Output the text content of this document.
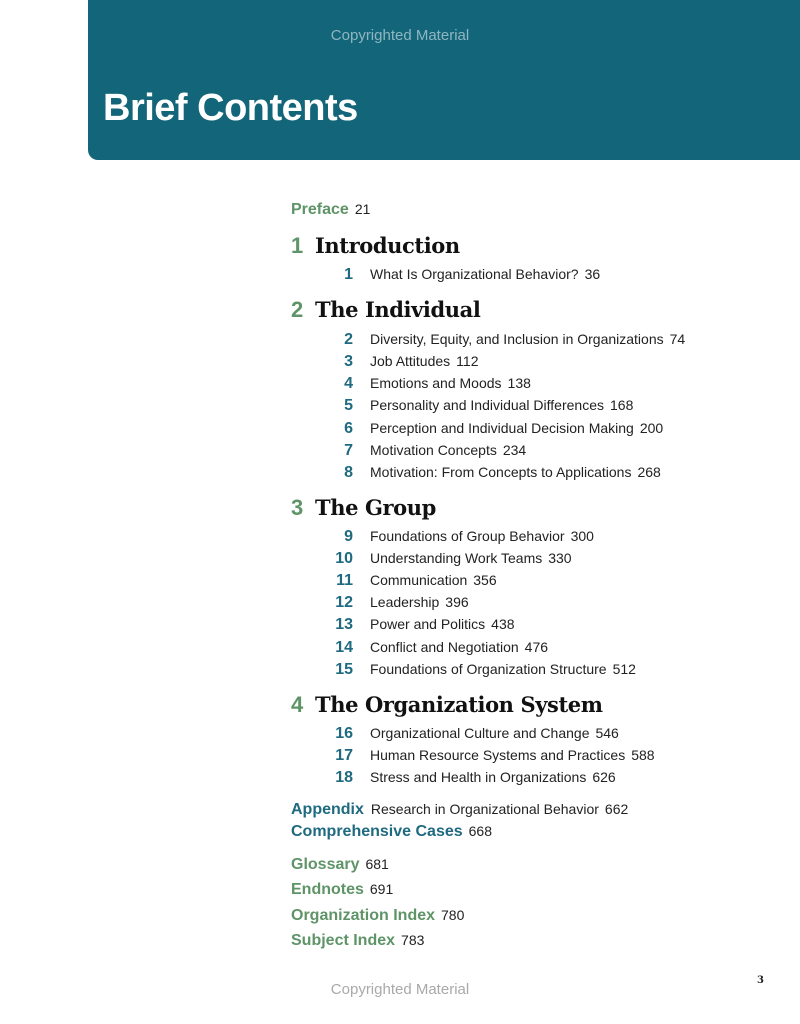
Copyrighted Material
Brief Contents
Preface 21
1 Introduction
1 What Is Organizational Behavior? 36
2 The Individual
2 Diversity, Equity, and Inclusion in Organizations 74
3 Job Attitudes 112
4 Emotions and Moods 138
5 Personality and Individual Differences 168
6 Perception and Individual Decision Making 200
7 Motivation Concepts 234
8 Motivation: From Concepts to Applications 268
3 The Group
9 Foundations of Group Behavior 300
10 Understanding Work Teams 330
11 Communication 356
12 Leadership 396
13 Power and Politics 438
14 Conflict and Negotiation 476
15 Foundations of Organization Structure 512
4 The Organization System
16 Organizational Culture and Change 546
17 Human Resource Systems and Practices 588
18 Stress and Health in Organizations 626
Appendix Research in Organizational Behavior 662
Comprehensive Cases 668
Glossary 681
Endnotes 691
Organization Index 780
Subject Index 783
3
Copyrighted Material
